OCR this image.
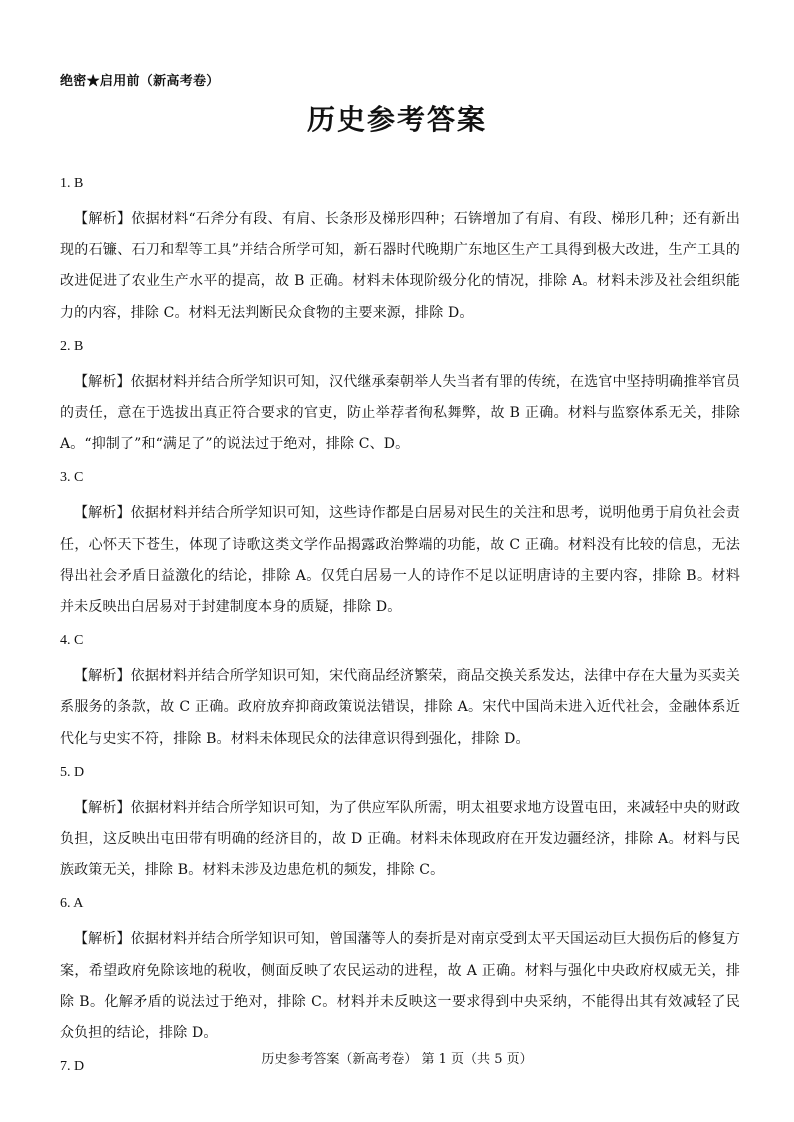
绝密★启用前（新高考卷）
历史参考答案

1. B

【解析】依据材料“石斧分有段、有肩、长条形及梯形四种；石锛增加了有肩、有段、梯形几种；还有新出现的石镰、石刀和犁等工具”并结合所学可知，新石器时代晚期广东地区生产工具得到极大改进，生产工具的改进促进了农业生产水平的提高，故 B 正确。材料未体现阶级分化的情况，排除 A。材料未涉及社会组织能力的内容，排除 C。材料无法判断民众食物的主要来源，排除 D。

2. B

【解析】依据材料并结合所学知识可知，汉代继承秦朝举人失当者有罪的传统，在选官中坚持明确推举官员的责任，意在于选拔出真正符合要求的官吏，防止举荐者徇私舞弊，故 B 正确。材料与监察体系无关，排除 A。“抑制了”和“满足了”的说法过于绝对，排除 C、D。

3. C

【解析】依据材料并结合所学知识可知，这些诗作都是白居易对民生的关注和思考，说明他勇于肩负社会责任，心怀天下苍生，体现了诗歌这类文学作品揭露政治弊端的功能，故 C 正确。材料没有比较的信息，无法得出社会矛盾日益激化的结论，排除 A。仅凭白居易一人的诗作不足以证明唐诗的主要内容，排除 B。材料并未反映出白居易对于封建制度本身的质疑，排除 D。

4. C

【解析】依据材料并结合所学知识可知，宋代商品经济繁荣，商品交换关系发达，法律中存在大量为买卖关系服务的条款，故 C 正确。政府放弃抑商政策说法错误，排除 A。宋代中国尚未进入近代社会，金融体系近代化与史实不符，排除 B。材料未体现民众的法律意识得到强化，排除 D。

5. D

【解析】依据材料并结合所学知识可知，为了供应军队所需，明太祖要求地方设置屯田，来减轻中央的财政负担，这反映出屯田带有明确的经济目的，故 D 正确。材料未体现政府在开发边疆经济，排除 A。材料与民族政策无关，排除 B。材料未涉及边患危机的频发，排除 C。

6. A

【解析】依据材料并结合所学知识可知，曾国藩等人的奏折是对南京受到太平天国运动巨大损伤后的修复方案，希望政府免除该地的税收，侧面反映了农民运动的进程，故 A 正确。材料与强化中央政府权威无关，排除 B。化解矛盾的说法过于绝对，排除 C。材料并未反映这一要求得到中央采纳，不能得出其有效减轻了民众负担的结论，排除 D。

7. D	历史参考答案（新高考卷） 第 1 页（共 5 页）
